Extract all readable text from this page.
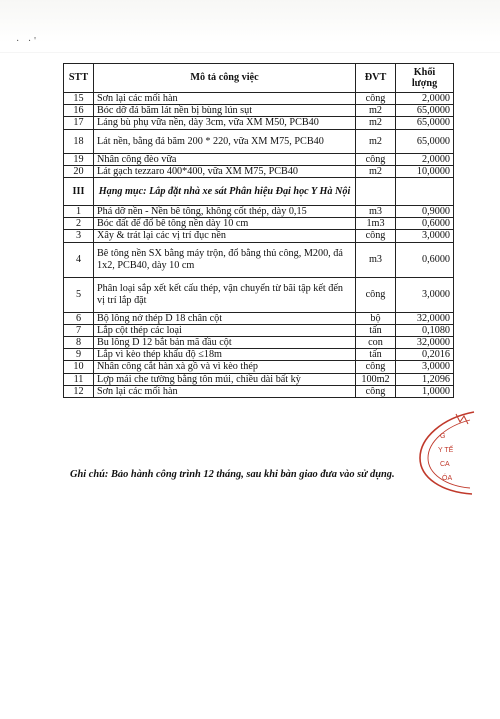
· ·'
STT	Mô tả công việc	ĐVT	Khối
lượng
15	Sơn lại các mối hàn	công	2,0000
16	Bóc dỡ đá băm lát nền bị bùng lún sụt	m2	65,0000
17	Láng bù phụ vữa nền, dày 3cm, vữa XM M50, PCB40	m2	65,0000
18	Lát nền, bằng đá băm 200 * 220, vữa XM M75, PCB40	m2	65,0000
19	Nhân công đèo vữa	công	2,0000
20	Lát gạch tezzaro 400*400, vữa XM M75, PCB40	m2	10,0000
III	Hạng mục: Lắp đặt nhà xe sát Phân hiệu Đại học Y Hà Nội		
1	Phá dỡ nền - Nền bê tông, không cốt thép, dày 0,15	m3	0,9000
2	Bóc đất để đổ bê tông nền dày 10 cm	1m3	0,6000
3	Xây & trát lại các vị trí đục nền	công	3,0000
4	Bê tông nền SX bằng máy trộn, đổ bằng thủ công, M200, đá 1x2, PCB40, dày 10 cm	m3	0,6000
5	Phân loại sắp xết kết cấu thép, vận chuyển từ bãi tập kết đến vị trí lắp đặt	công	3,0000
6	Bộ lông nở thép D 18 chân cột	bộ	32,0000
7	Lắp cột thép các loại	tấn	0,1080
8	Bu lông D 12 bắt bản mã đầu cột	con	32,0000
9	Lắp vì kèo thép khẩu độ ≤18m	tấn	0,2016
10	Nhân công cắt hàn xà gồ và vì kèo thép	công	3,0000
11	Lợp mái che tường bằng tôn múi, chiều dài bất kỳ	100m2	1,2096
12	Sơn lại các mối hàn	công	1,0000
Ghi chú: Bảo hành công trình 12 tháng, sau khi bàn giao đưa vào sử dụng.
G
Y TẾ
CA
ÓA
